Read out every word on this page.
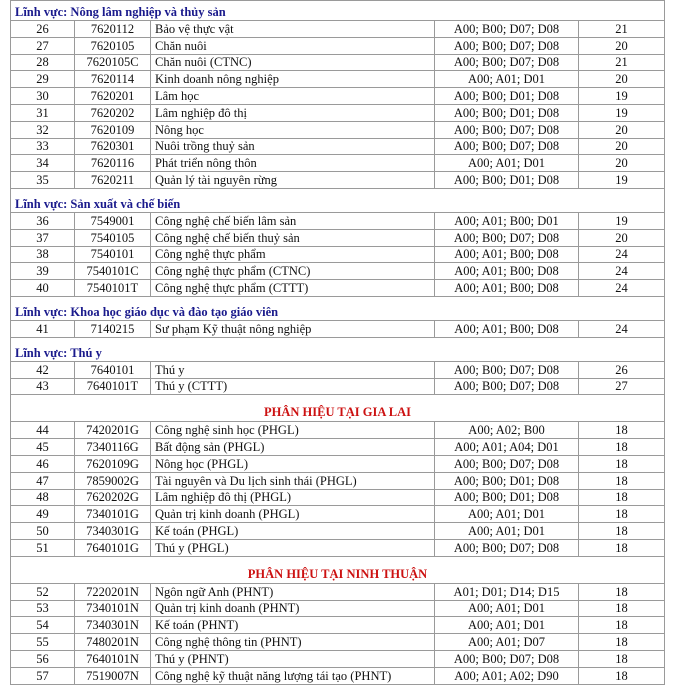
Lĩnh vực: Nông lâm nghiệp và thủy sản				
26	7620112	Bảo vệ thực vật	A00; B00; D07; D08	21
27	7620105	Chăn nuôi	A00; B00; D07; D08	20
28	7620105C	Chăn nuôi (CTNC)	A00; B00; D07; D08	21
29	7620114	Kinh doanh nông nghiệp	A00; A01; D01	20
30	7620201	Lâm học	A00; B00; D01; D08	19
31	7620202	Lâm nghiệp đô thị	A00; B00; D01; D08	19
32	7620109	Nông học	A00; B00; D07; D08	20
33	7620301	Nuôi trồng thuỷ sản	A00; B00; D07; D08	20
34	7620116	Phát triển nông thôn	A00; A01; D01	20
35	7620211	Quản lý tài nguyên rừng	A00; B00; D01; D08	19
Lĩnh vực: Sản xuất và chế biến				
36	7549001	Công nghệ chế biến lâm sản	A00; A01; B00; D01	19
37	7540105	Công nghệ chế biến thuỷ sản	A00; B00; D07; D08	20
38	7540101	Công nghệ thực phẩm	A00; A01; B00; D08	24
39	7540101C	Công nghệ thực phẩm (CTNC)	A00; A01; B00; D08	24
40	7540101T	Công nghệ thực phẩm (CTTT)	A00; A01; B00; D08	24
Lĩnh vực: Khoa học giáo dục và đào tạo giáo viên				
41	7140215	Sư phạm Kỹ thuật nông nghiệp	A00; A01; B00; D08	24
Lĩnh vực: Thú y				
42	7640101	Thú y	A00; B00; D07; D08	26
43	7640101T	Thú y (CTTT)	A00; B00; D07; D08	27
PHÂN HIỆU TẠI GIA LAI				
44	7420201G	Công nghệ sinh học (PHGL)	A00; A02; B00	18
45	7340116G	Bất động sản (PHGL)	A00; A01; A04; D01	18
46	7620109G	Nông học (PHGL)	A00; B00; D07; D08	18
47	7859002G	Tài nguyên và Du lịch sinh thái (PHGL)	A00; B00; D01; D08	18
48	7620202G	Lâm nghiệp đô thị (PHGL)	A00; B00; D01; D08	18
49	7340101G	Quản trị kinh doanh (PHGL)	A00; A01; D01	18
50	7340301G	Kế toán (PHGL)	A00; A01; D01	18
51	7640101G	Thú y (PHGL)	A00; B00; D07; D08	18
PHÂN HIỆU TẠI NINH THUẬN				
52	7220201N	Ngôn ngữ Anh (PHNT)	A01; D01; D14; D15	18
53	7340101N	Quản trị kinh doanh (PHNT)	A00; A01; D01	18
54	7340301N	Kế toán (PHNT)	A00; A01; D01	18
55	7480201N	Công nghệ thông tin (PHNT)	A00; A01; D07	18
56	7640101N	Thú y (PHNT)	A00; B00; D07; D08	18
57	7519007N	Công nghệ kỹ thuật năng lượng tái tạo (PHNT)	A00; A01; A02; D90	18
